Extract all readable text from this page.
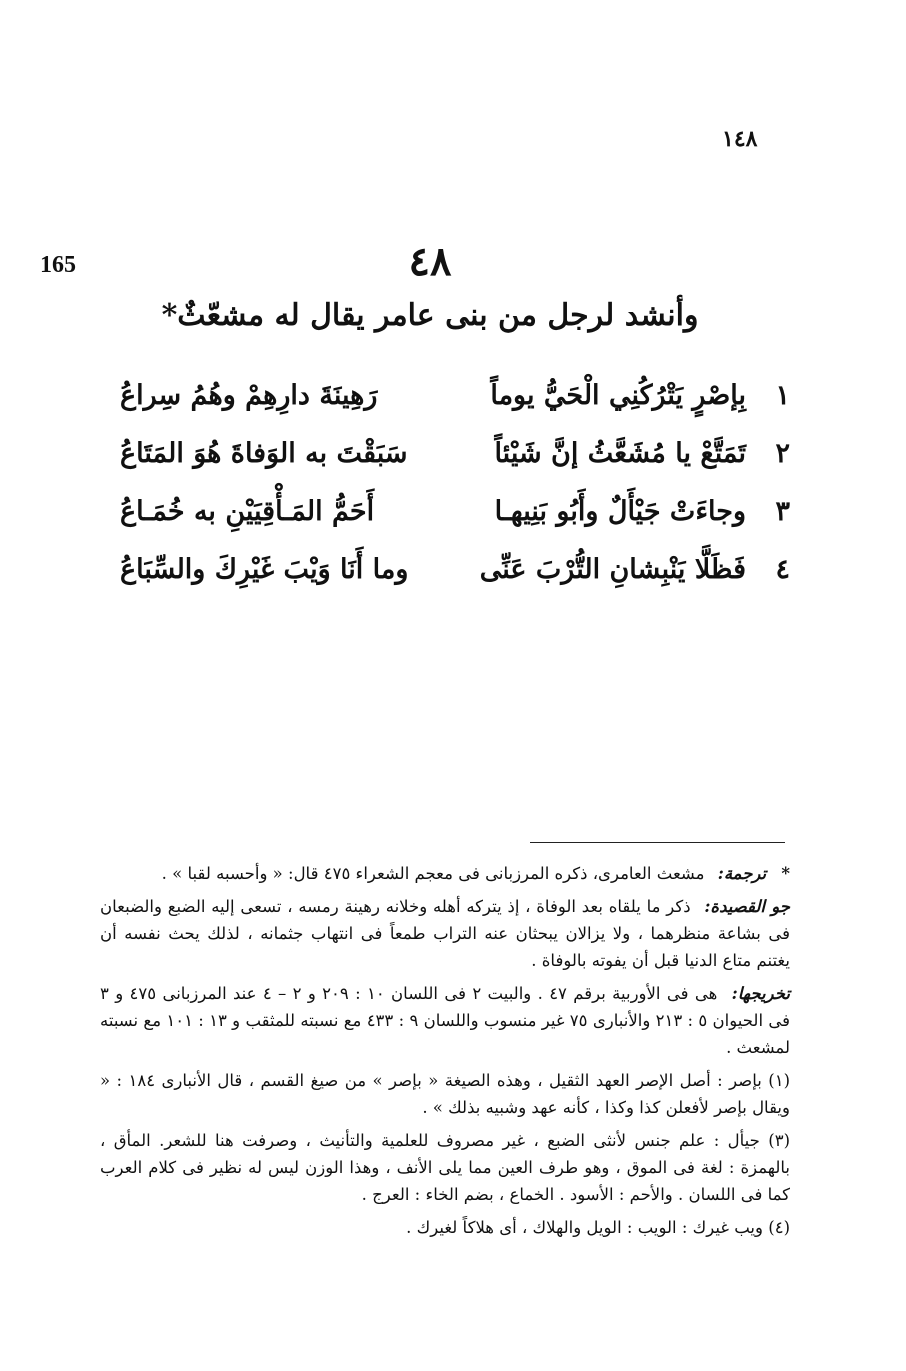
١٤٨
165	٤٨
وأنشد لرجل من بنى عامر يقال له مشعّثٌ*
١
بِإصْرٍ يَتْرُكُنِي الْحَيُّ يوماً
رَهِينَةَ دارِهِمْ وهُمُ سِراعُ
٢
تَمَتَّعْ يا مُشَعَّثُ إنَّ شَيْئاً
سَبَقْتَ به الوَفاةَ هُوَ المَتَاعُ
٣
وجاءَتْ جَيْأَلٌ وأَبُو بَنِيهـا
أَحَمُّ المَـأْقِيَيْنِ به خُمَـاعُ
٤
فَظَلَّا يَنْبِشانِ التُّرْبَ عَنِّى
وما أَنَا وَيْبَ غَيْرِكَ والسِّبَاعُ

* ترجمة: مشعث العامرى، ذكره المرزبانى فى معجم الشعراء ٤٧٥ قال: « وأحسبه لقبا » .

جو القصيدة: ذكر ما يلقاه بعد الوفاة ، إذ يتركه أهله وخلانه رهينة رمسه ، تسعى إليه الضبع والضبعان فى بشاعة منظرهما ، ولا يزالان يبحثان عنه التراب طمعاً فى انتهاب جثمانه ، لذلك يحث نفسه أن يغتنم متاع الدنيا قبل أن يفوته بالوفاة .

تخريجها: هى فى الأوربية برقم ٤٧ . والبيت ٢ فى اللسان ١٠ : ٢٠٩ و ٢ – ٤ عند المرزبانى ٤٧٥ و ٣ فى الحيوان ٥ : ٢١٣ والأنبارى ٧٥ غير منسوب واللسان ٩ : ٤٣٣ مع نسبته للمثقب و ١٣ : ١٠١ مع نسبته لمشعث .

(١) بإصر : أصل الإصر العهد الثقيل ، وهذه الصيغة « بإصر » من صيغ القسم ، قال الأنبارى ١٨٤ : « ويقال بإصر لأفعلن كذا وكذا ، كأنه عهد وشبيه بذلك » .

(٣) جيأل : علم جنس لأنثى الضبع ، غير مصروف للعلمية والتأنيث ، وصرفت هنا للشعر. المأق ، بالهمزة : لغة فى الموق ، وهو طرف العين مما يلى الأنف ، وهذا الوزن ليس له نظير فى كلام العرب كما فى اللسان . والأحم : الأسود . الخماع ، بضم الخاء : العرج .

(٤) ويب غيرك : الويب : الويل والهلاك ، أى هلاكاً لغيرك .
